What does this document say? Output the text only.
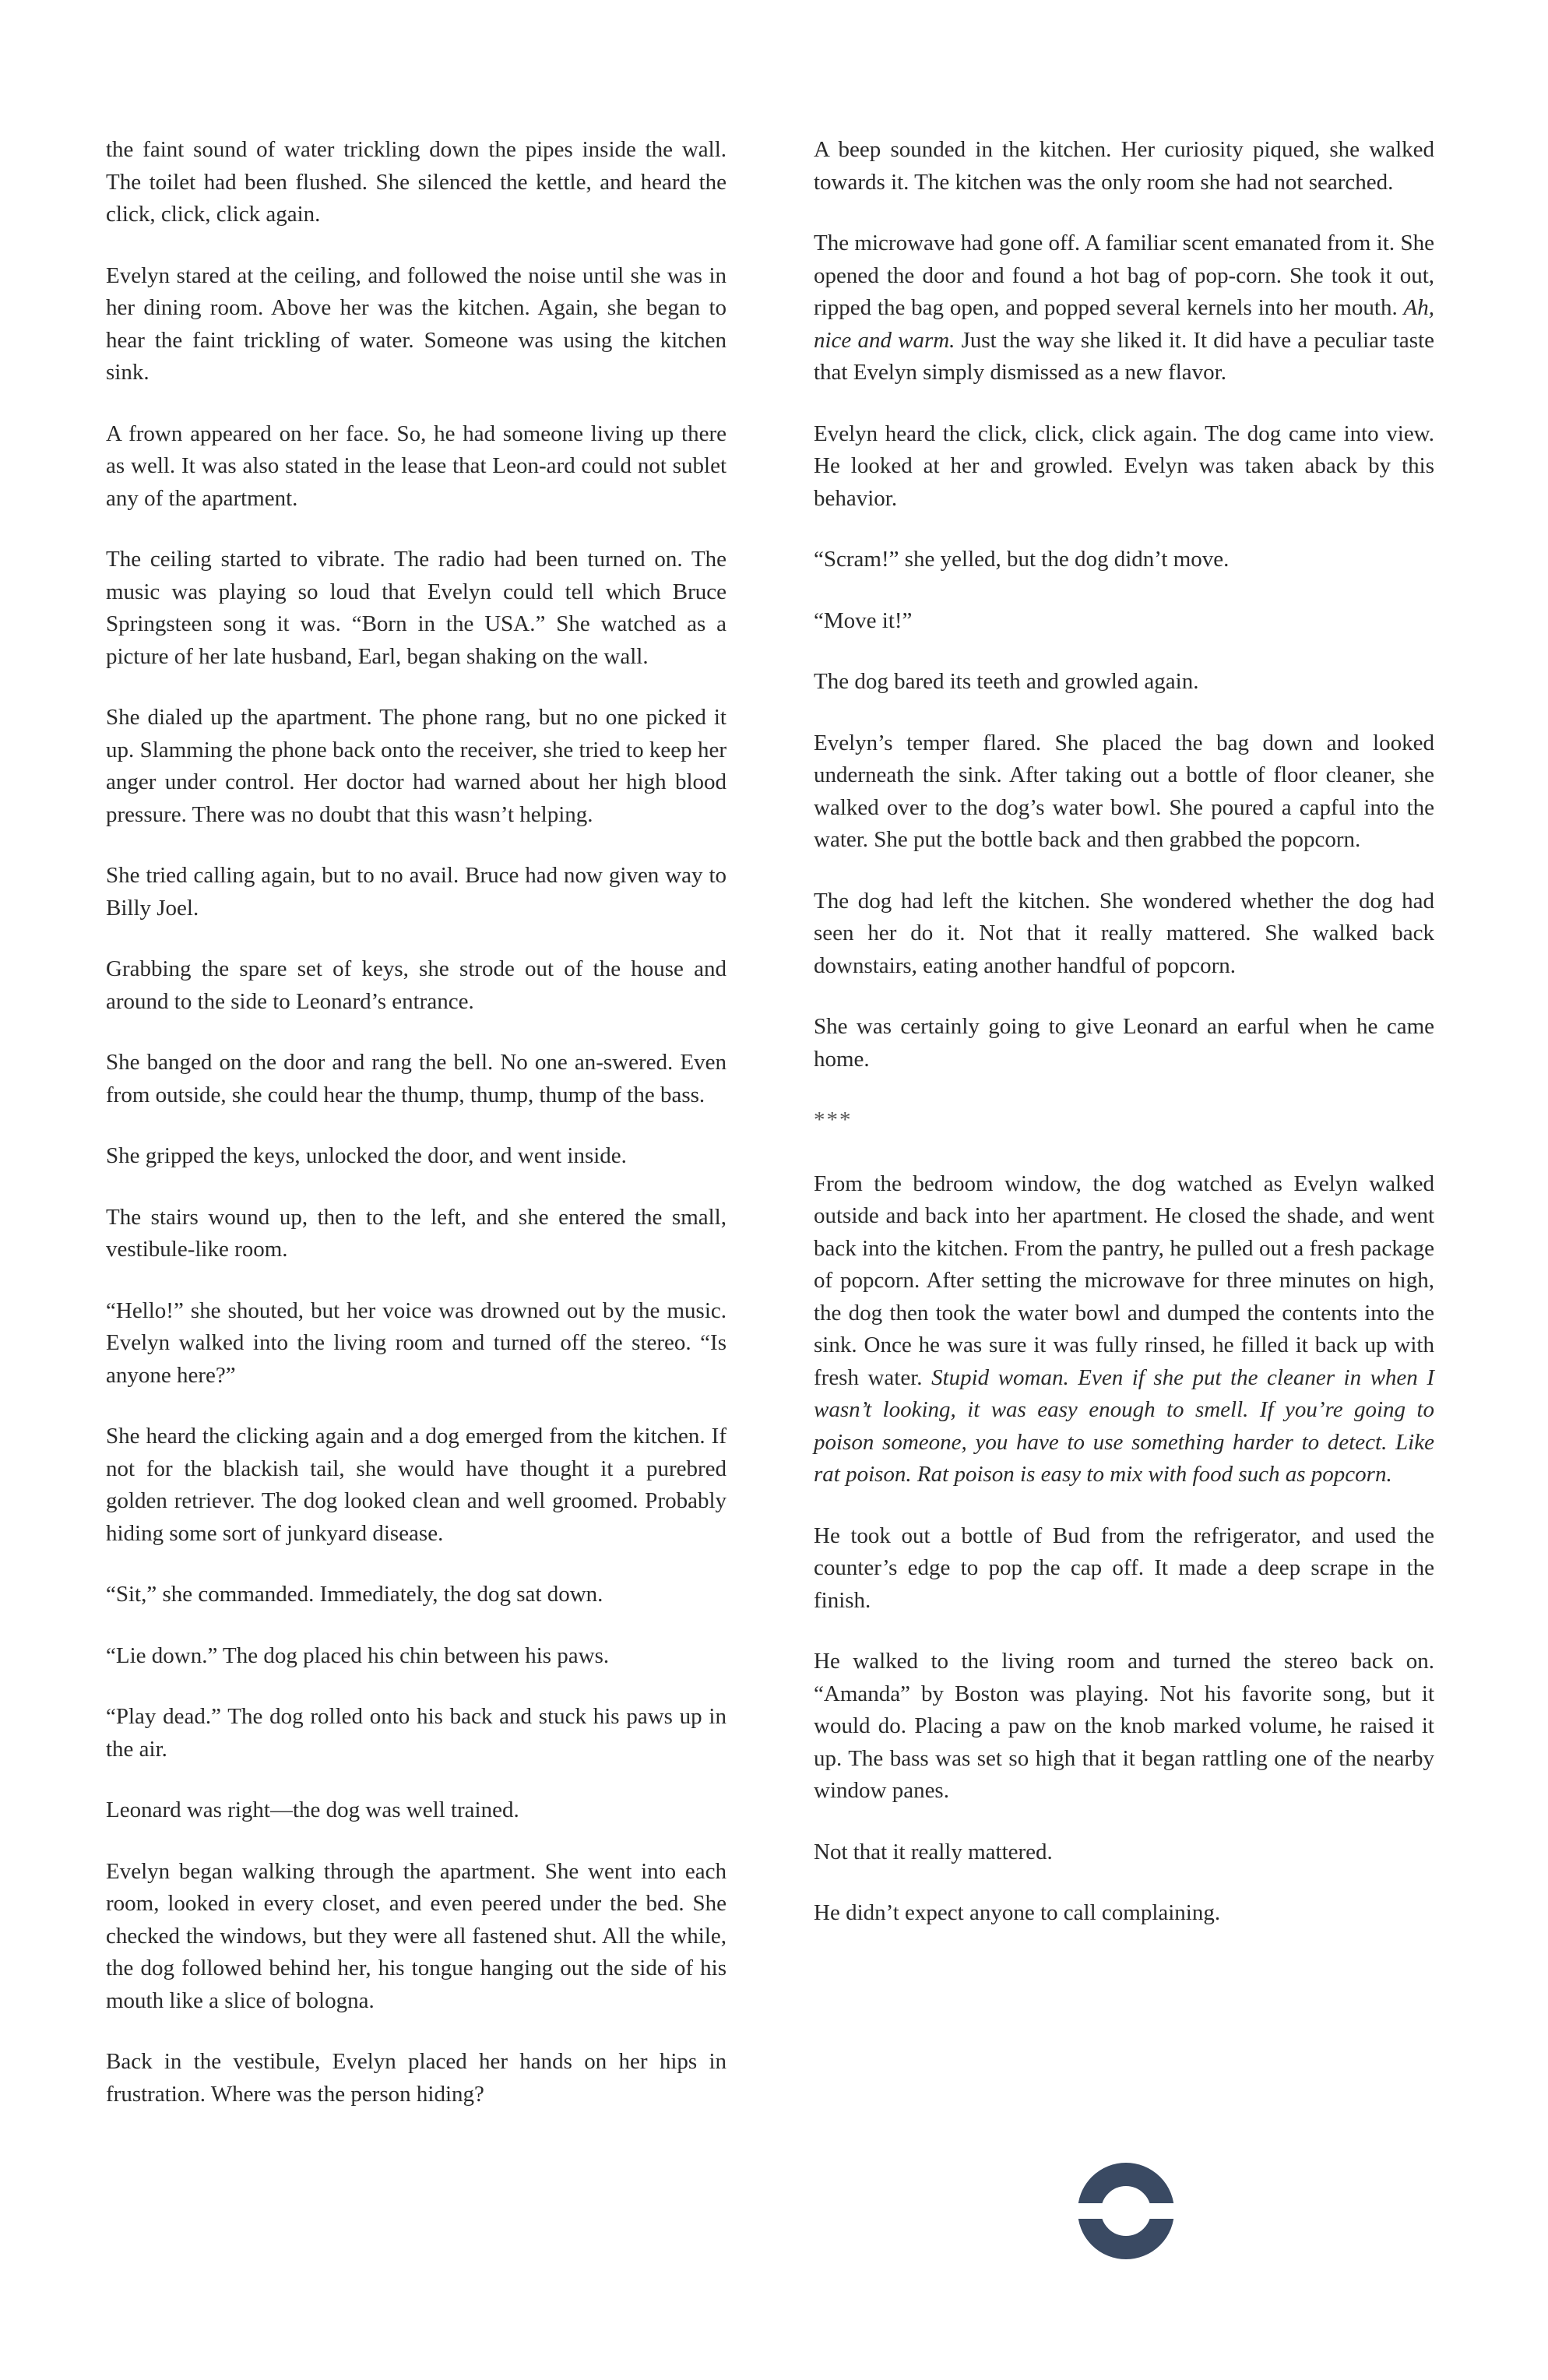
the faint sound of water trickling down the pipes inside the wall. The toilet had been flushed. She silenced the kettle, and heard the click, click, click again.

Evelyn stared at the ceiling, and followed the noise until she was in her dining room. Above her was the kitchen. Again, she began to hear the faint trickling of water. Someone was using the kitchen sink.

A frown appeared on her face. So, he had someone living up there as well. It was also stated in the lease that Leon-ard could not sublet any of the apartment.

The ceiling started to vibrate. The radio had been turned on. The music was playing so loud that Evelyn could tell which Bruce Springsteen song it was. “Born in the USA.” She watched as a picture of her late husband, Earl, began shaking on the wall.

She dialed up the apartment. The phone rang, but no one picked it up. Slamming the phone back onto the receiver, she tried to keep her anger under control. Her doctor had warned about her high blood pressure. There was no doubt that this wasn’t helping.

She tried calling again, but to no avail. Bruce had now given way to Billy Joel.

Grabbing the spare set of keys, she strode out of the house and around to the side to Leonard’s entrance.

She banged on the door and rang the bell. No one an-swered. Even from outside, she could hear the thump, thump, thump of the bass.

She gripped the keys, unlocked the door, and went inside.

The stairs wound up, then to the left, and she entered the small, vestibule-like room.

“Hello!” she shouted, but her voice was drowned out by the music. Evelyn walked into the living room and turned off the stereo. “Is anyone here?”

She heard the clicking again and a dog emerged from the kitchen. If not for the blackish tail, she would have thought it a purebred golden retriever. The dog looked clean and well groomed. Probably hiding some sort of junkyard disease.

“Sit,” she commanded. Immediately, the dog sat down.

“Lie down.” The dog placed his chin between his paws.

“Play dead.” The dog rolled onto his back and stuck his paws up in the air.

Leonard was right—the dog was well trained.

Evelyn began walking through the apartment. She went into each room, looked in every closet, and even peered under the bed. She checked the windows, but they were all fastened shut. All the while, the dog followed behind her, his tongue hanging out the side of his mouth like a slice of bologna.

Back in the vestibule, Evelyn placed her hands on her hips in frustration. Where was the person hiding?

A beep sounded in the kitchen. Her curiosity piqued, she walked towards it. The kitchen was the only room she had not searched.

The microwave had gone off. A familiar scent emanated from it. She opened the door and found a hot bag of pop-corn. She took it out, ripped the bag open, and popped several kernels into her mouth. Ah, nice and warm. Just the way she liked it. It did have a peculiar taste that Evelyn simply dismissed as a new flavor.

Evelyn heard the click, click, click again. The dog came into view. He looked at her and growled. Evelyn was taken aback by this behavior.

“Scram!” she yelled, but the dog didn’t move.

“Move it!”

The dog bared its teeth and growled again.

Evelyn’s temper flared. She placed the bag down and looked underneath the sink. After taking out a bottle of floor cleaner, she walked over to the dog’s water bowl. She poured a capful into the water. She put the bottle back and then grabbed the popcorn.

The dog had left the kitchen. She wondered whether the dog had seen her do it. Not that it really mattered. She walked back downstairs, eating another handful of popcorn.

She was certainly going to give Leonard an earful when he came home.

***

From the bedroom window, the dog watched as Evelyn walked outside and back into her apartment. He closed the shade, and went back into the kitchen. From the pantry, he pulled out a fresh package of popcorn. After setting the microwave for three minutes on high, the dog then took the water bowl and dumped the contents into the sink. Once he was sure it was fully rinsed, he filled it back up with fresh water. Stupid woman. Even if she put the cleaner in when I wasn’t looking, it was easy enough to smell. If you’re going to poison someone, you have to use something harder to detect. Like rat poison. Rat poison is easy to mix with food such as popcorn.

He took out a bottle of Bud from the refrigerator, and used the counter’s edge to pop the cap off. It made a deep scrape in the finish.

He walked to the living room and turned the stereo back on. “Amanda” by Boston was playing. Not his favorite song, but it would do. Placing a paw on the knob marked volume, he raised it up. The bass was set so high that it began rattling one of the nearby window panes.

Not that it really mattered.

He didn’t expect anyone to call complaining.
